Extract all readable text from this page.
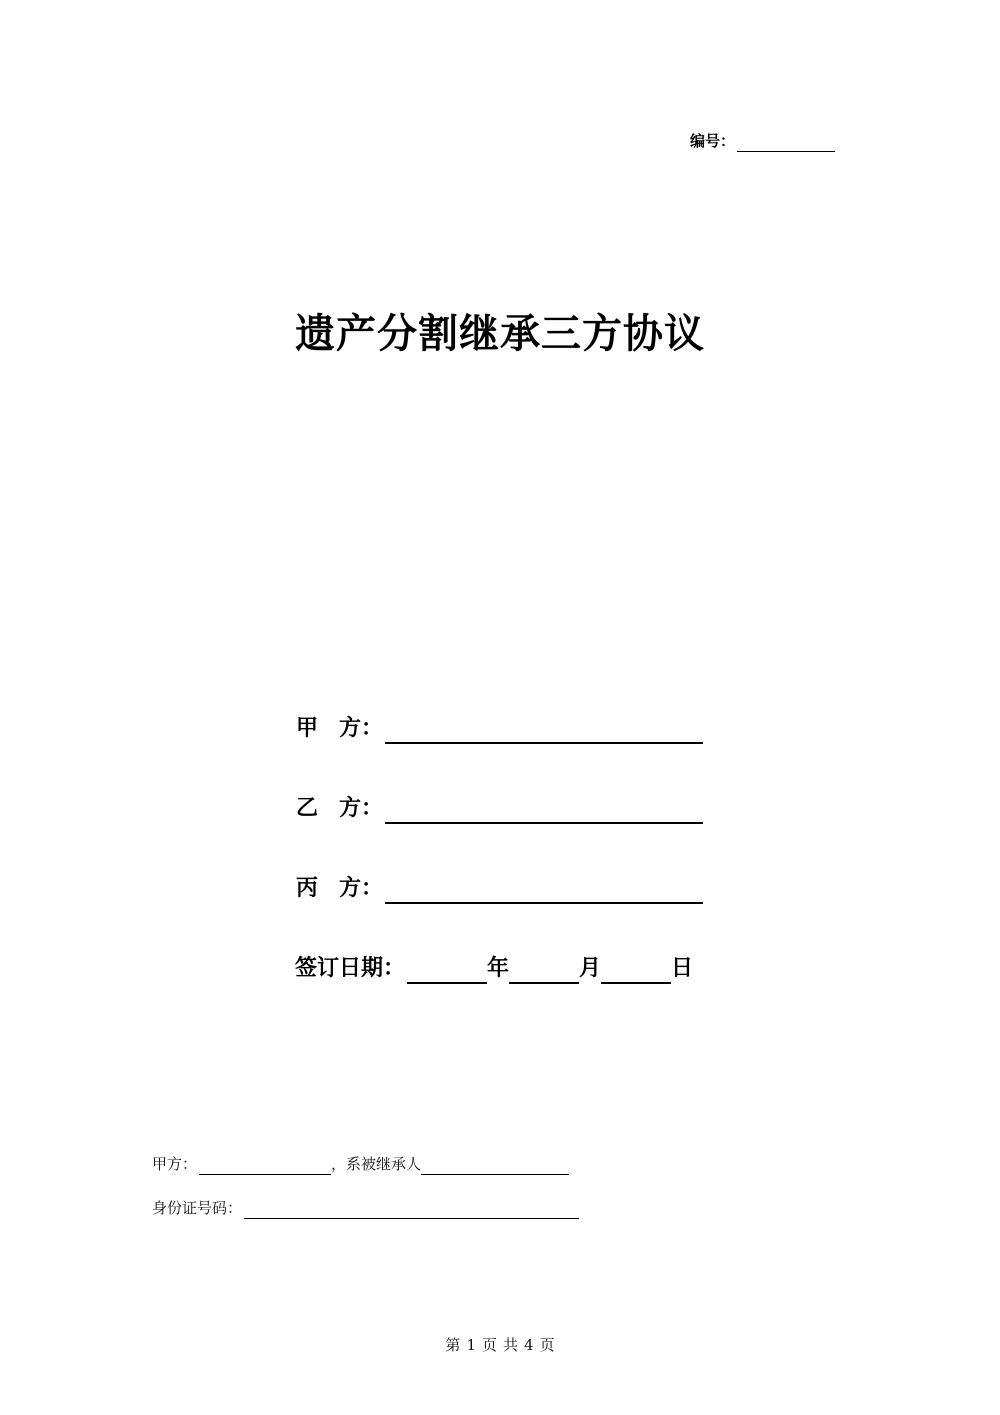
编号：
遗产分割继承三方协议
甲 方 ：
乙 方 ：
丙 方 ：
签订日期：	年	月	日
甲方：	，系被继承人
身份证号码：
第 1 页 共 4 页
